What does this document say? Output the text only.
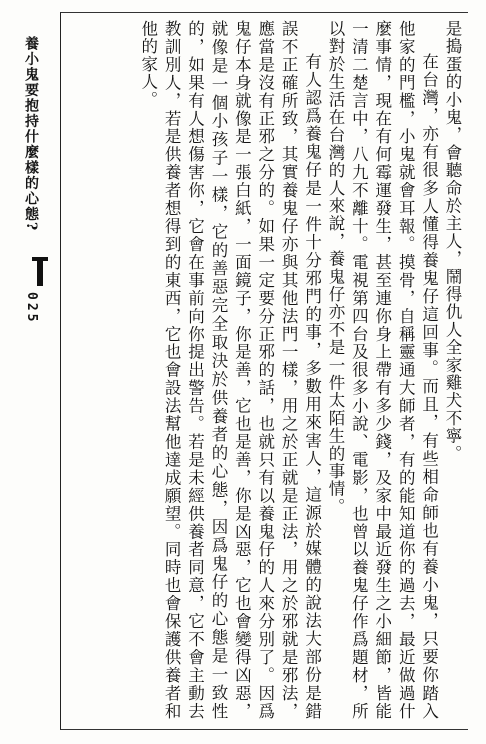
是搗蛋的小鬼，會聽命於主人，鬧得仇人全家雞犬不寧。

在台灣，亦有很多人懂得養鬼仔這回事。而且，有些相命師也有養小鬼，只要你踏入他家的門檻，小鬼就會耳報。摸骨，自稱靈通大師者，有的能知道你的過去，最近做過什麼事情，現在有何霉運發生，甚至連你身上帶有多少錢，及家中最近發生之小細節，皆能一清二楚言中，八九不離十。電視第四台及很多小說、電影，也曾以養鬼仔作爲題材，所以對於生活在台灣的人來說，養鬼仔亦不是一件太陌生的事情。

有人認爲養鬼仔是一件十分邪門的事，多數用來害人，這源於媒體的說法大部份是錯誤不正確所致，其實養鬼仔亦與其他法門一樣，用之於正就是正法，用之於邪就是邪法，應當是沒有正邪之分的。如果一定要分正邪的話，也就只有以養鬼仔的人來分別了。因爲鬼仔本身就像是一張白紙，一面鏡子，你是善，它也是善，你是凶惡，它也會變得凶惡，就像是一個小孩子一樣，它的善惡完全取決於供養者的心態，因爲鬼仔的心態是一致性的，如果有人想傷害你，它會在事前向你提出警告。若是未經供養者同意，它不會主動去教訓別人，若是供養者想得到的東西，它也會設法幫他達成願望。同時也會保護供養者和他的家人。

養小鬼要抱持什麼樣的心態?
025
